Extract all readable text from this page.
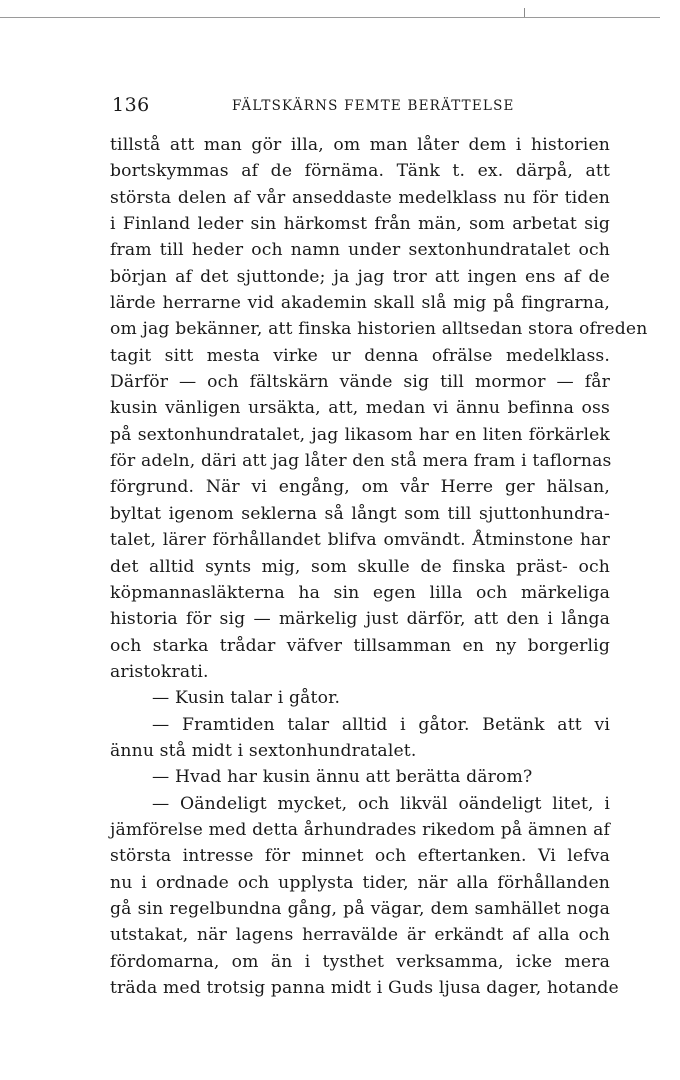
136	FÄLTSKÄRNS FEMTE BERÄTTELSE
tillstå att man gör illa, om man låter dem i historien
bortskymmas af de förnäma. Tänk t. ex. därpå, att
största delen af vår anseddaste medelklass nu för tiden
i Finland leder sin härkomst från män, som arbetat sig
fram till heder och namn under sextonhundratalet och
början af det sjuttonde; ja jag tror att ingen ens af de
lärde herrarne vid akademin skall slå mig på fingrarna,
om jag bekänner, att finska historien alltsedan stora ofreden
tagit sitt mesta virke ur denna ofrälse medelklass.
Därför — och fältskärn vände sig till mormor — får
kusin vänligen ursäkta, att, medan vi ännu befinna oss
på sextonhundratalet, jag likasom har en liten förkärlek
för adeln, däri att jag låter den stå mera fram i taflornas
förgrund. När vi engång, om vår Herre ger hälsan,
byltat igenom seklerna så långt som till sjuttonhundra-
talet, lärer förhållandet blifva omvändt. Åtminstone har
det alltid synts mig, som skulle de finska präst- och
köpmannasläkterna ha sin egen lilla och märkeliga
historia för sig — märkelig just därför, att den i långa
och starka trådar väfver tillsamman en ny borgerlig
aristokrati.
— Kusin talar i gåtor.
— Framtiden talar alltid i gåtor. Betänk att vi
ännu stå midt i sextonhundratalet.
— Hvad har kusin ännu att berätta därom?
— Oändeligt mycket, och likväl oändeligt litet, i
jämförelse med detta århundrades rikedom på ämnen af
största intresse för minnet och eftertanken. Vi lefva
nu i ordnade och upplysta tider, när alla förhållanden
gå sin regelbundna gång, på vägar, dem samhället noga
utstakat, när lagens herravälde är erkändt af alla och
fördomarna, om än i tysthet verksamma, icke mera
träda med trotsig panna midt i Guds ljusa dager, hotande
